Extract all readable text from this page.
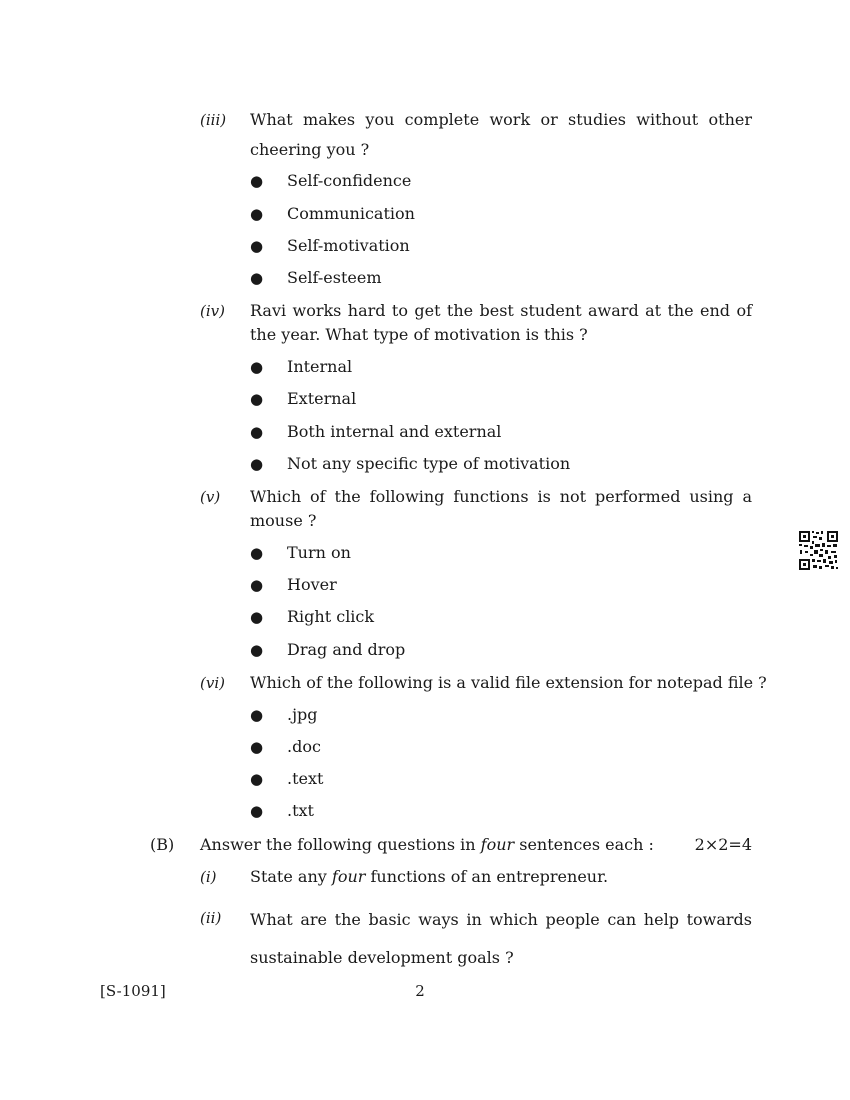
(iii) What makes you complete work or studies without other cheering you ?
● Self-confidence
● Communication
● Self-motivation
● Self-esteem
(iv) Ravi works hard to get the best student award at the end of the year. What type of motivation is this ?
● Internal
● External
● Both internal and external
● Not any specific type of motivation
(v) Which of the following functions is not performed using a mouse ?
● Turn on
● Hover
● Right click
● Drag and drop
(vi) Which of the following is a valid file extension for notepad file ?
● .jpg
● .doc
● .text
● .txt
(B) Answer the following questions in four sentences each :	2×2=4
(i) State any four functions of an entrepreneur.
(ii) What are the basic ways in which people can help towards sustainable development goals ?
[S-1091]	2
